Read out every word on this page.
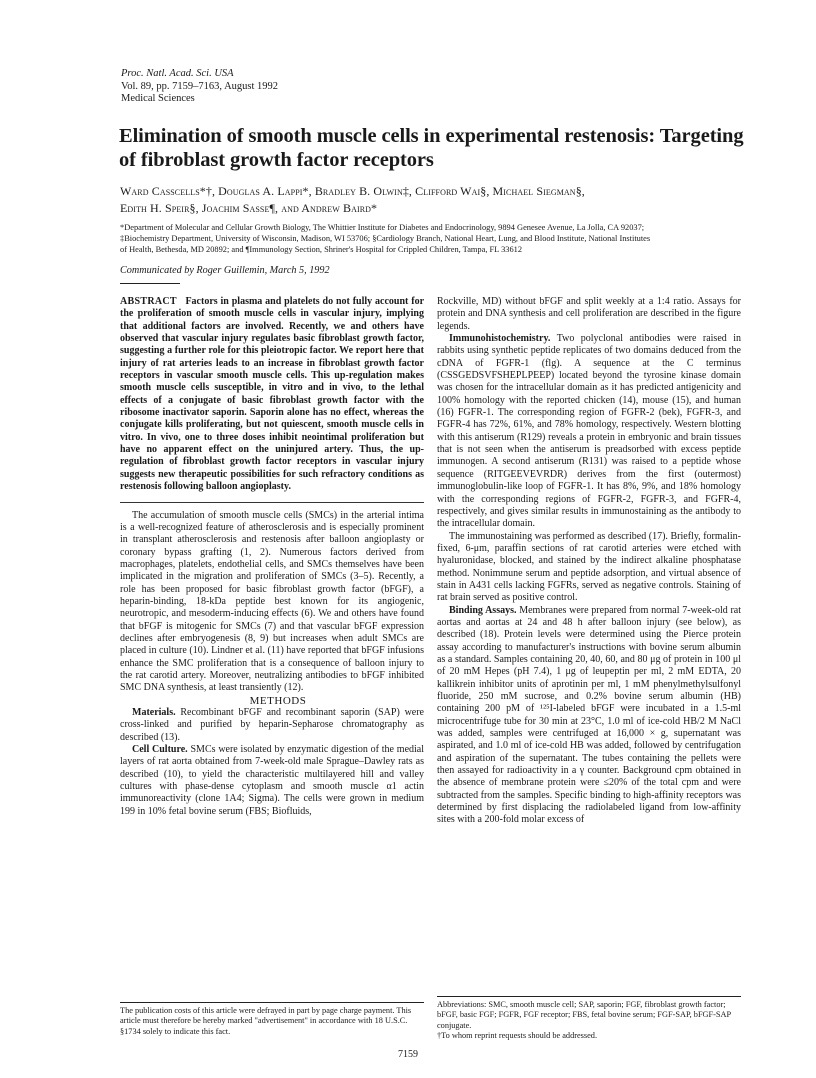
Proc. Natl. Acad. Sci. USA
Vol. 89, pp. 7159–7163, August 1992
Medical Sciences
Elimination of smooth muscle cells in experimental restenosis: Targeting of fibroblast growth factor receptors
Ward Casscells*†, Douglas A. Lappi*, Bradley B. Olwin‡, Clifford Wai§, Michael Siegman§,
Edith H. Speir§, Joachim Sasse¶, and Andrew Baird*
*Department of Molecular and Cellular Growth Biology, The Whittier Institute for Diabetes and Endocrinology, 9894 Genesee Avenue, La Jolla, CA 92037;
‡Biochemistry Department, University of Wisconsin, Madison, WI 53706; §Cardiology Branch, National Heart, Lung, and Blood Institute, National Institutes
of Health, Bethesda, MD 20892; and ¶Immunology Section, Shriner's Hospital for Crippled Children, Tampa, FL 33612
Communicated by Roger Guillemin, March 5, 1992

ABSTRACT Factors in plasma and platelets do not fully account for the proliferation of smooth muscle cells in vascular injury, implying that additional factors are involved. Recently, we and others have observed that vascular injury regulates basic fibroblast growth factor, suggesting a further role for this pleiotropic factor. We report here that injury of rat arteries leads to an increase in fibroblast growth factor receptors in vascular smooth muscle cells. This up-regulation makes smooth muscle cells susceptible, in vitro and in vivo, to the lethal effects of a conjugate of basic fibroblast growth factor with the ribosome inactivator saporin. Saporin alone has no effect, whereas the conjugate kills proliferating, but not quiescent, smooth muscle cells in vitro. In vivo, one to three doses inhibit neointimal proliferation but have no apparent effect on the uninjured artery. Thus, the up-regulation of fibroblast growth factor receptors in vascular injury suggests new therapeutic possibilities for such refractory conditions as restenosis following balloon angioplasty.

The accumulation of smooth muscle cells (SMCs) in the arterial intima is a well-recognized feature of atherosclerosis and is especially prominent in transplant atherosclerosis and restenosis after balloon angioplasty or coronary bypass grafting (1, 2). Numerous factors derived from macrophages, platelets, endothelial cells, and SMCs themselves have been implicated in the migration and proliferation of SMCs (3–5). Recently, a role has been proposed for basic fibroblast growth factor (bFGF), a heparin-binding, 18-kDa peptide best known for its angiogenic, neurotropic, and mesoderm-inducing effects (6). We and others have found that bFGF is mitogenic for SMCs (7) and that vascular bFGF expression declines after embryogenesis (8, 9) but increases when adult SMCs are placed in culture (10). Lindner et al. (11) have reported that bFGF infusions enhance the SMC proliferation that is a consequence of balloon injury to the rat carotid artery. Moreover, neutralizing antibodies to bFGF inhibited SMC DNA synthesis, at least transiently (12).

METHODS

Materials. Recombinant bFGF and recombinant saporin (SAP) were cross-linked and purified by heparin-Sepharose chromatography as described (13).

Cell Culture. SMCs were isolated by enzymatic digestion of the medial layers of rat aorta obtained from 7-week-old male Sprague–Dawley rats as described (10), to yield the characteristic multilayered hill and valley cultures with phase-dense cytoplasm and smooth muscle α1 actin immunoreactivity (clone 1A4; Sigma). The cells were grown in medium 199 in 10% fetal bovine serum (FBS; Biofluids,

Rockville, MD) without bFGF and split weekly at a 1:4 ratio. Assays for protein and DNA synthesis and cell proliferation are described in the figure legends.

Immunohistochemistry. Two polyclonal antibodies were raised in rabbits using synthetic peptide replicates of two domains deduced from the cDNA of FGFR-1 (flg). A sequence at the C terminus (CSSGEDSVFSHEPLPEEP) located beyond the tyrosine kinase domain was chosen for the intracellular domain as it has predicted antigenicity and 100% homology with the reported chicken (14), mouse (15), and human (16) FGFR-1. The corresponding region of FGFR-2 (bek), FGFR-3, and FGFR-4 has 72%, 61%, and 78% homology, respectively. Western blotting with this antiserum (R129) reveals a protein in embryonic and brain tissues that is not seen when the antiserum is preadsorbed with excess peptide immunogen. A second antiserum (R131) was raised to a peptide whose sequence (RITGEEVEVRDR) derives from the first (outermost) immunoglobulin-like loop of FGFR-1. It has 8%, 9%, and 18% homology with the corresponding regions of FGFR-2, FGFR-3, and FGFR-4, respectively, and gives similar results in immunostaining as the antibody to the intracellular domain.

The immunostaining was performed as described (17). Briefly, formalin-fixed, 6-μm, paraffin sections of rat carotid arteries were etched with hyaluronidase, blocked, and stained by the indirect alkaline phosphatase method. Nonimmune serum and peptide adsorption, and virtual absence of stain in A431 cells lacking FGFRs, served as negative controls. Staining of rat brain served as positive control.

Binding Assays. Membranes were prepared from normal 7-week-old rat aortas and aortas at 24 and 48 h after balloon injury (see below), as described (18). Protein levels were determined using the Pierce protein assay according to manufacturer's instructions with bovine serum albumin as a standard. Samples containing 20, 40, 60, and 80 μg of protein in 100 μl of 20 mM Hepes (pH 7.4), 1 μg of leupeptin per ml, 2 mM EDTA, 20 kallikrein inhibitor units of aprotinin per ml, 1 mM phenylmethylsulfonyl fluoride, 250 mM sucrose, and 0.2% bovine serum albumin (HB) containing 200 pM of ¹²⁵I-labeled bFGF were incubated in a 1.5-ml microcentrifuge tube for 30 min at 23°C, 1.0 ml of ice-cold HB/2 M NaCl was added, samples were centrifuged at 16,000 × g, supernatant was aspirated, and 1.0 ml of ice-cold HB was added, followed by centrifugation and aspiration of the supernatant. The tubes containing the pellets were then assayed for radioactivity in a γ counter. Background cpm obtained in the absence of membrane protein were ≤20% of the total cpm and were subtracted from the samples. Specific binding to high-affinity receptors was determined by first displacing the radiolabeled ligand from low-affinity sites with a 200-fold molar excess of

The publication costs of this article were defrayed in part by page charge payment. This article must therefore be hereby marked "advertisement" in accordance with 18 U.S.C. §1734 solely to indicate this fact.
Abbreviations: SMC, smooth muscle cell; SAP, saporin; FGF, fibroblast growth factor; bFGF, basic FGF; FGFR, FGF receptor; FBS, fetal bovine serum; FGF-SAP, bFGF-SAP conjugate.
†To whom reprint requests should be addressed.
7159
